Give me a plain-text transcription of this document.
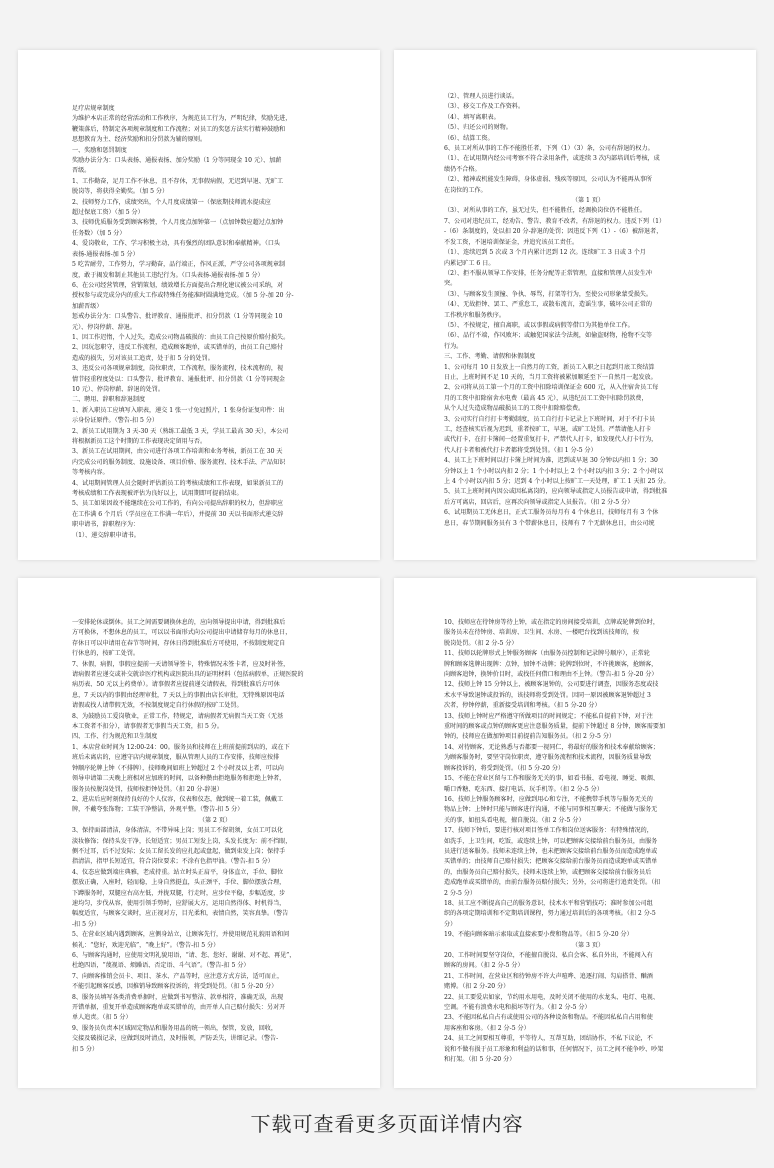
足疗店规章制度
为维护本店正常的经营活动和工作秩序，为规范员工行为，严明纪律，奖励先进，
鞭策落后，特制定各项规章制度和工作流程；对员工的奖惩方法实行精神鼓励和
思想教育为主、经济奖励和扣分罚款为辅的原则。
一、奖励和惩罚制度
奖励办法分为：口头表扬、通报表扬、加分奖励（1 分等同现金 10 元）、加薪
晋级。
1、工作勤奋，足月工作不休息，且不存休，无事假病假，无迟到早退、无旷工
脱岗等，将获得全勤奖。（加 5 分）
2、技师努力工作，成绩突出，个人月度成绩第一（保底期技师流水提成应
超过保底工资）（加 5 分）
3、技师优质服务受到顾客称赞，个人月度点加钟第一（点加钟数应超过点加钟
任务数）（加 5 分）
4、爱岗敬业，工作、学习积极主动，具有强烈的团队意识和奉献精神。（口头
表扬-通报表扬-加 5 分）
5 吃苦耐劳，工作努力，学习勤奋，品行端正，作风正派，严守公司各项规章制
度，敢于揭发和制止其他员工违纪行为。（口头表扬-通报表扬-加 5 分）
6、在公司经营管理，营销策划，绩效增长方面提出合理化建议被公司采纳，对
授权参与或完成分内的重大工作或特殊任务能准时圆满地完成。（加 5 分-加 20 分-
加薪晋级）
惩戒办法分为：口头警告、批评教育、通报批评、扣分罚款（1 分等同现金 10
元）、停岗停薪、辞退。
1、因工作迟惰，个人过失，造成公司物品破损的：由员工自己按原价赔付损失。
2、因玩忽职守，违反工作流程，造成顾客跑单，或买错单的，由员工自己赔付
造成的损失，另对该员工追责，处于扣 5 分的处罚。
3、违反公司各项规章制度，岗位职责，工作流程，服务流程，技术流程的，视
情节轻重程度处以：口头警告、批评教育、通报批评、扣分罚款（1 分等同现金
10 元）、停岗停薪、辞退的处罚。
二、聘用、辞职和辞退制度
1、新入职员工应填写入职表，递交 1 张一寸免冠照片，1 张身份证复印件：出
示身份证原件。（警告-扣 5 分）
2、新员工试用期为 3 天-30 天（熟练工最低 3 天，学员工最高 30 天），本公司
将根据新员工这个时期的工作表现决定留用与否。
3、新员工在试用期间，由公司进行各项工作培训和业务考核，新员工在 30 天
内完成公司的服务制度、设施设备、项目价格、服务流程、技术手法、产品知识
等考核内容。
4、试用期间管理人员会随时评估新员工的考核成绩和工作表现，如果新员工的
考核成绩和工作表现被评估为良好以上，试用期即可提前结束。
5、员工如果因故不能继续在公司工作的，有向公司提出辞职的权力，但辞职应
在工作满 6 个月后（学员应在工作满一年后），并提前 30 天以书面形式递交辞
职申请书，辞职程序为：
（1）、递交辞职申请书。
（2）、管理人员进行谈话。
（3）、移交工作及工作资料。
（4）、填写离职表。
（5）、归还公司的财物。
（6）、结算工资。
6、员工对所从事的工作不能胜任者，下列（1）（3）条，公司有辞退的权力。
（1）、在试用期内经公司考察不符合录用条件，或连续 3 次内部培训后考核，成
绩仍不合格。
（2）、精神或机能发生障碍，身体虚弱、残疾等原因，公司认为不能再从事所
在岗位的工作。
（第 1 页）
（3）、对所从事的工作，虽无过失，但不能胜任，经调换岗位仍不能胜任。
7、公司对违纪员工，经劝告、警告、教育不改者，有辞退的权力。违反下列（1）
-（6）条制度的，处以扣 20 分-辞退的处罚；因违反下列（1）-（6）被辞退者，
不发工资，不退培训保证金，并追究该员工责任。
（1）、连续迟到 5 次或 3 个月内累计迟到 12 次。连续旷工 3 日或 3 个月
内累记旷工 6 日。
（2）、拒不服从领导工作安排，任务分配等正常管理，直接和管理人员发生冲
突。
（3）、与顾客发生顶撞、争执、辱骂，打架等行为，至使公司形象蒙受损失。
（4）、无故拒钟、罢工、严重怠工，或散布流言，造谣生事，破坏公司正常的
工作秩序和服务秩序。
（5）、不按规定，擅自离职，或以事假或病假等借口为其他单位工作。
（6）、品行不端，作风败坏；或触犯国家法令法规，如偷盗财物，抢物不交等
行为。
三、工作、考勤、请假和休假制度
1、公司每月 10 日发放上一自然月的工资，新员工入职之日起到月底工资结算
日止，上班时间不足 10 天的，当月工资将被累加顺延至下一自然月一起发放。
2、公司将从员工第一个月的工资中扣除培训保证金 600 元，从入住宿舍员工每
月的工资中扣除宿舍水电费（最高 45 元），从违纪员工工资中扣除罚款费，
从个人过失造成物品破损员工的工资中扣除赔偿费。
3、公司实行自行打卡考勤制度，员工自行打卡记录上下班时间，对于不打卡员
工，经查核实后视为迟到，重者按旷工，早退，或旷工处罚。严禁请他人打卡
或代打卡，在打卡簿间一经置重复打卡，严禁代人打卡，如发现代人打卡行为，
代人打卡者和被代打卡者都将受到处罚。（扣 1 分-5 分）
4、员工上下班时间以打卡簿上时间为准，迟到或早退 30 分钟以内扣 1 分；30
分钟以上 1 个小时以内扣 2 分；1 个小时以上 2 个小时以内扣 3 分；2 个小时以
上 4 个小时以内扣 5 分；迟到 4 个小时以上按旷工一天处理，旷工 1 天扣 25 分。
5、员工上班时间内因公或因私离岗的，应向领导或指定人员报告或申请，得到批准
后方可离店，回店后，应再次向领导或指定人员报告。（扣 2 分-5 分）
6、试用期员工无休息日，正式工服务员每月有 4 个休息日，技师每月有 3 个休
息日，春节期间服务员有 3 个带薪休息日，技师有 7 个无薪休息日，由公司统
一安排轮休或倒休。员工之间需要调换休息的，应向领导提出申请，得到批准后
方可换休，不想休息的员工，可以以书面形式向公司提出申请储存每月的休息日，
存休日可以申请用在春节等时间，存休日得到批准后方可使用，不按制度规定自
行休息的，按旷工处罚。
7、休假，病假，事假应提前一天请领导签卡，特殊情况未签卡者，应及时补签，
请病假者应递交或补交就诊医疗机构或医院出具的证明材料（包括病假单，正规医院的
病历表、50 元以上药费单）。请事假者应提前递交请假表，得到批准后方可休
息，7 天以内的事假由经理审批，7 天以上的事假由店长审批，无特殊原因电话
请假或找人请带假无效，不按制度规定自行休假的按旷工处罚。
8、为鼓励员工爱岗敬业，正常工作，特规定，请病假者无病假当天工资（无基
本工资者不扣分），请事假者无事假当天工资，扣 5 分。
四、工作、行为规范和卫生制度
1、本店营业时间为 12:00-24：00。服务员和技师在上班前提前到店的，或在下
班后未离店的，应遵守店内规章制度，服从管理人员的工作安排，技师应按排
钟顺序轮牌上钟（不排牌），技师晚间如班上钟超过 2 个小时及以上者，可以向
领导申请第二天晚上班相对应加班的时间，以备种攒由拒绝服务和拒绝上钟者，
服务员按脱岗处罚，技师按拒钟处罚。（扣 20 分-辞退）
2、进店后应时刻保持良好的个人仪容，仪表和仪态，做到统一着工装，佩戴工
牌，不戴夸张饰物；工装干净整洁，外观平整。（警告-扣 5 分）
（第 2 页）
3、保持面部清洁，身体清洁，不带异味上岗；男员工不留胡须，女员工可以化
淡妆修饰；保持头发干净，长短适宜；男员工短发上岗，头发长度为：前不挡眼，
侧不过耳，后不过发际；女员工留长发的应扎起或盘起，做到束发上岗；保持手
指清洁，指甲长短适宜，符合岗位要求；不涂有色指甲油。（警告-扣 5 分）
4、仪态应做到端庄典雅，老成持重。站立时头正肩平，身体直立，手位、脚位
摆放正确，入座时，轻而稳，上身自然挺直，头正颈平，手位、脚位摆放合理，
下蹲服务时，双腿应右高左低，并拢双腿，行走时，应步位平稳，步幅适度，步
速均匀，步伐从容，使用引领手势时，应舒展大方，运用自然得体、时机得当，
幅度适宜，与顾客交谈时，应正视对方，目光柔和，表情自然，笑容真挚。（警告
-扣 5 分）
5、在营业区域内遇到顾客，应侧身站立，让顾客先行，并使用规范礼貌用语和问
候礼：“您好，欢迎光临”，“晚上好”。（警告-扣 5 分）
6、与顾客沟通时，应使用文明礼貌用语，“请、您、您好、谢谢、对不起、再见”，
杜绝四语，“蔑视语、烦躁语、否定语、斗气语”。（警告-扣 5 分）
7、向顾客推销会员卡、项目、茶水、产品等时，应注意方式方法，适可而止，
不能引起顾客反感，因推销导致顾客投诉的，将受到处罚。（扣 5 分-20 分）
8、服务员填写各类消费单据时，应做到书写整洁、款单相符，准确无误，出现
开错单据，重复开单造成顾客跑单或买错单的，由开单人自己赔付损失：另对开
单人追责。（扣 5 分）
9、服务员负责本区域固定物品和服务用品的统一领出，保管，发放，回收，
交接及破损记录，应做到及时清点，及时报领，严防丢失，讲细记录。（警告-
扣 5 分）
10、技师应在待钟房等待上钟，或在指定的房间接受培训，点牌或轮牌到位时，
服务员未在待钟房、培训房、卫生间、水房、一楼吧台找到该技师的，按
脱岗处罚。（扣 2 分-5 分）
11、技师以轮牌形式上钟服务顾客（由服务员控制和记录牌号顺序），正常轮
牌和顾客选牌出现牌：点钟，加钟不动牌；轮牌到位时，不许挑顾客，抢顾客，
向顾客追钟，换钟价目时，或找任何借口和理由不上钟。（警告-扣 5 分-20 分）
12、技师上钟 15 分钟以上，被顾客退钟的，公司要进行调查，因服务态度或技
术水平导致退钟或投诉的，该技师将受到处罚。因同一原因被顾客退钟超过 3
次者，停钟停薪，重新接受培训和考核。（扣 5 分-20 分）
13、技师上钟时应严格遵守所做项目的时间规定；不能私自提前下钟，对于注
重时间的顾客或点钟的顾客更应注意服务质量，提前下钟超过 8 分钟，顾客需要加
钟的，技师应在做加钟项目前提前告知服务员。（扣 2 分-5 分）
14、对待顾客，无论熟悉与否都要一视同仁，将最好的服务和技术奉献给顾客；
为顾客服务时，要坚守岗位职责，遵守服务流程和技术流程，因服务质量导致
顾客投诉的，将受到处罚。（扣 5 分-20 分）
15、不能在营业区留与工作和服务无关的事，如看书报、看电视、睡觉、吸烟、
嚼口香糖、吃东西、接打电话、玩手机等。（扣 2 分-5 分）
16、技师上钟服务顾客时，应做到用心和专注，不能携带手机等与服务无关的
物品上钟；上钟时只能与顾客进行沟通，不能与同事相互聊天；不能做与服务无
关的事，如扭头看电视，擅自脱岗。（扣 2 分-5 分）
17、技师下钟后，要进行核对项目签单工作和岗位送客服务：有特殊情况的，
如洗手，上卫生间，吃饭，或连续上钟，可以把顾客交接给前台服务员，由服务
员进行送客服务。技师未连续上钟，也未把顾客交接给前台服务员而造成跑单或
买错单的；由技师自己赔付损失；把顾客交接给前台服务员而造成跑单或买错单
的，由服务员自己赔付损失，技师未连续上钟，或把顾客交接给前台服务员后
造成跑单或买错单的，由前台服务员赔付损失；另外，公司将进行追责处罚。（扣
2 分-5 分）
18、员工应不断提高自己的服务意识，技术水平和营销技巧；准时参加公司组
织的各项定期培训和不定期培训课程，努力通过培训后的各项考核。（扣 2 分-5
分）
19、不能向顾客暗示索取或直接索要小费和物品等。（扣 5 分-20 分）
（第 3 页）
20、工作时间要坚守岗位，不能擅自脱岗、私自会客、私自外出，不能闯入有
顾客的房间。（扣 2 分-5 分）
21、工作时间，在营业区和待钟房不许大声喧哗、追逐打闹、勾肩搭背、酗酒
赌博。（扣 2 分-20 分）
22、员工要爱店如家，节约用水用电，及时关闭不使用的水龙头、电灯、电视、
空调。不能有浪费水电和损坏等行为。（扣 2 分-5 分）
23、不能因私私自占有或使用公司的各种设备和物品。不能因私私自占用和使
用客座和客房。（扣 2 分-5 分）
24、员工之间要相互尊重，平等待人，互帮互助，团结协作，不私下议论，不
说和不做有损于员工形象和利益的话和事，任何情况下，员工之间不能争吵、吵架
和打架。（扣 5 分-20 分）
下载可查看更多页面详情内容
